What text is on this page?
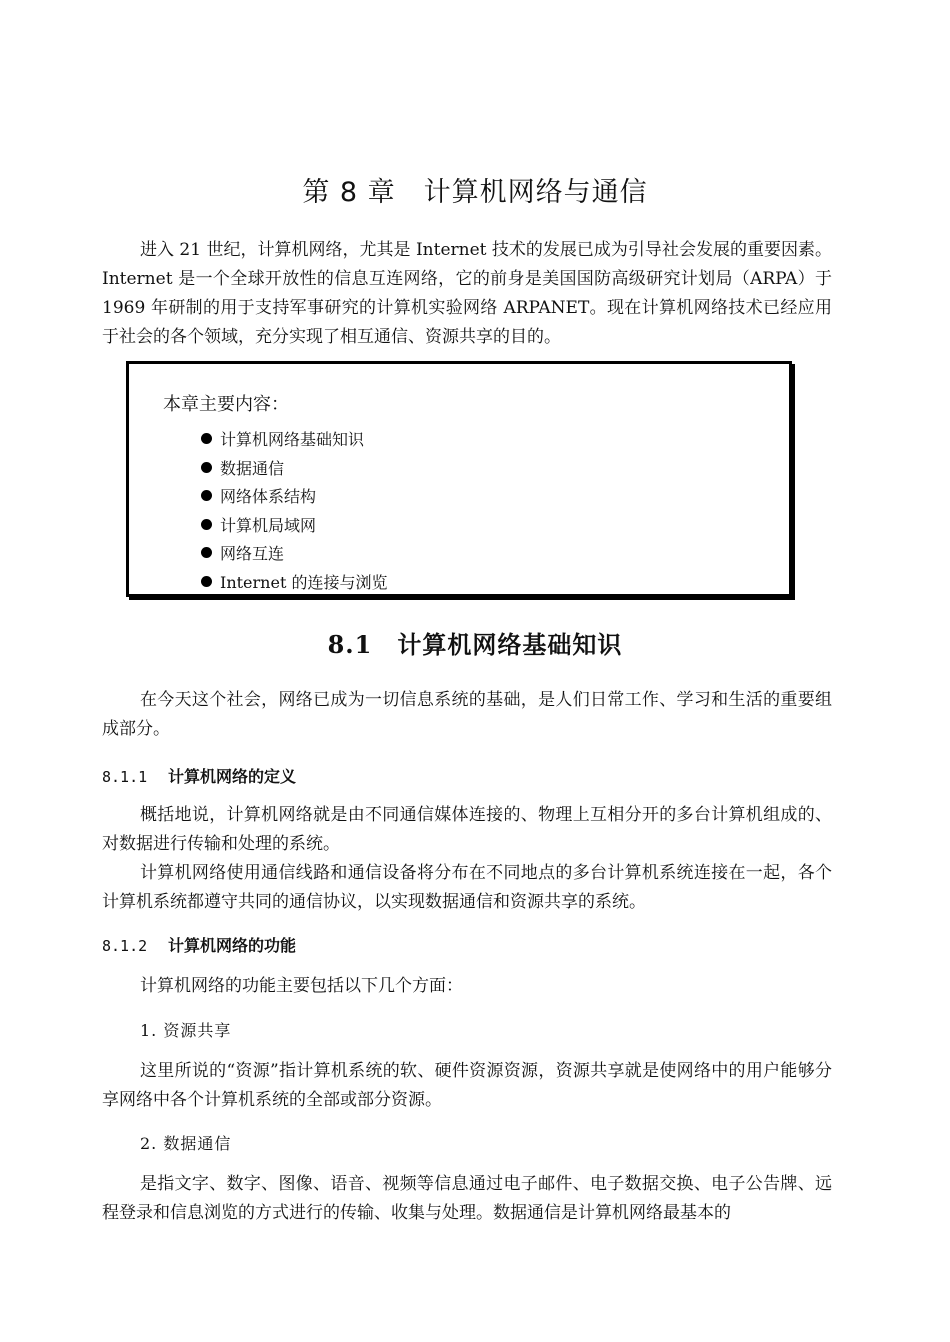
第 8 章　计算机网络与通信

进入 21 世纪，计算机网络，尤其是 Internet 技术的发展已成为引导社会发展的重要因素。Internet 是一个全球开放性的信息互连网络，它的前身是美国国防高级研究计划局（ARPA）于 1969 年研制的用于支持军事研究的计算机实验网络 ARPANET。现在计算机网络技术已经应用于社会的各个领域，充分实现了相互通信、资源共享的目的。

本章主要内容：

计算机网络基础知识
数据通信
网络体系结构
计算机局域网
网络互连
Internet 的连接与浏览
8.1　计算机网络基础知识

在今天这个社会，网络已成为一切信息系统的基础，是人们日常工作、学习和生活的重要组成部分。

8.1.1 计算机网络的定义

概括地说，计算机网络就是由不同通信媒体连接的、物理上互相分开的多台计算机组成的、对数据进行传输和处理的系统。

计算机网络使用通信线路和通信设备将分布在不同地点的多台计算机系统连接在一起，各个计算机系统都遵守共同的通信协议，以实现数据通信和资源共享的系统。

8.1.2 计算机网络的功能

计算机网络的功能主要包括以下几个方面：

1. 资源共享

这里所说的“资源”指计算机系统的软、硬件资源资源，资源共享就是使网络中的用户能够分享网络中各个计算机系统的全部或部分资源。

2. 数据通信

是指文字、数字、图像、语音、视频等信息通过电子邮件、电子数据交换、电子公告牌、远程登录和信息浏览的方式进行的传输、收集与处理。数据通信是计算机网络最基本的
